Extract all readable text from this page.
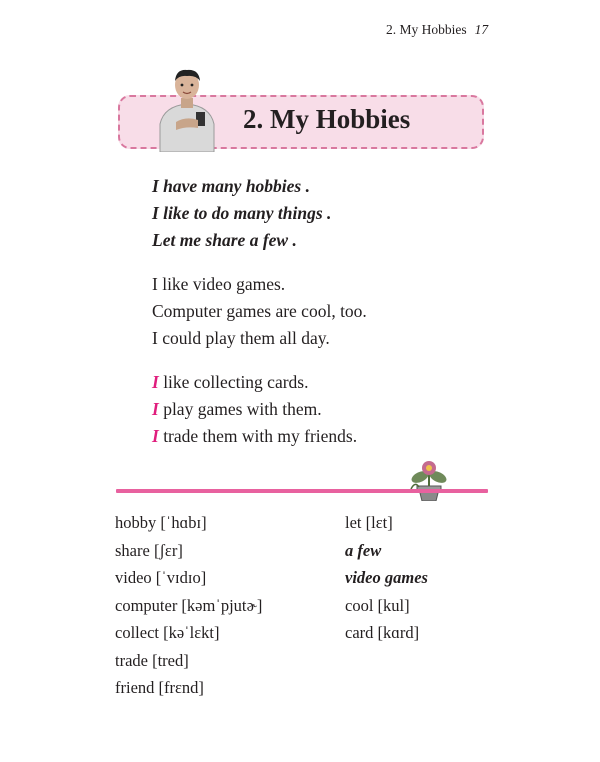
2. My Hobbies 17
2. My Hobbies
I have many hobbies .
I like to do many things .
Let me share a few .
I like video games.
Computer games are cool, too.
I could play them all day.
I like collecting cards.
I play games with them.
I trade them with my friends.
hobby [ˈhɑbɪ]
share [ʃɛr]
video [ˈvɪdɪo]
computer [kəmˈpjutɚ]
collect [kəˈlɛkt]
trade [tred]
friend [frɛnd]
let [lɛt]
a few
video games
cool [kul]
card [kɑrd]
